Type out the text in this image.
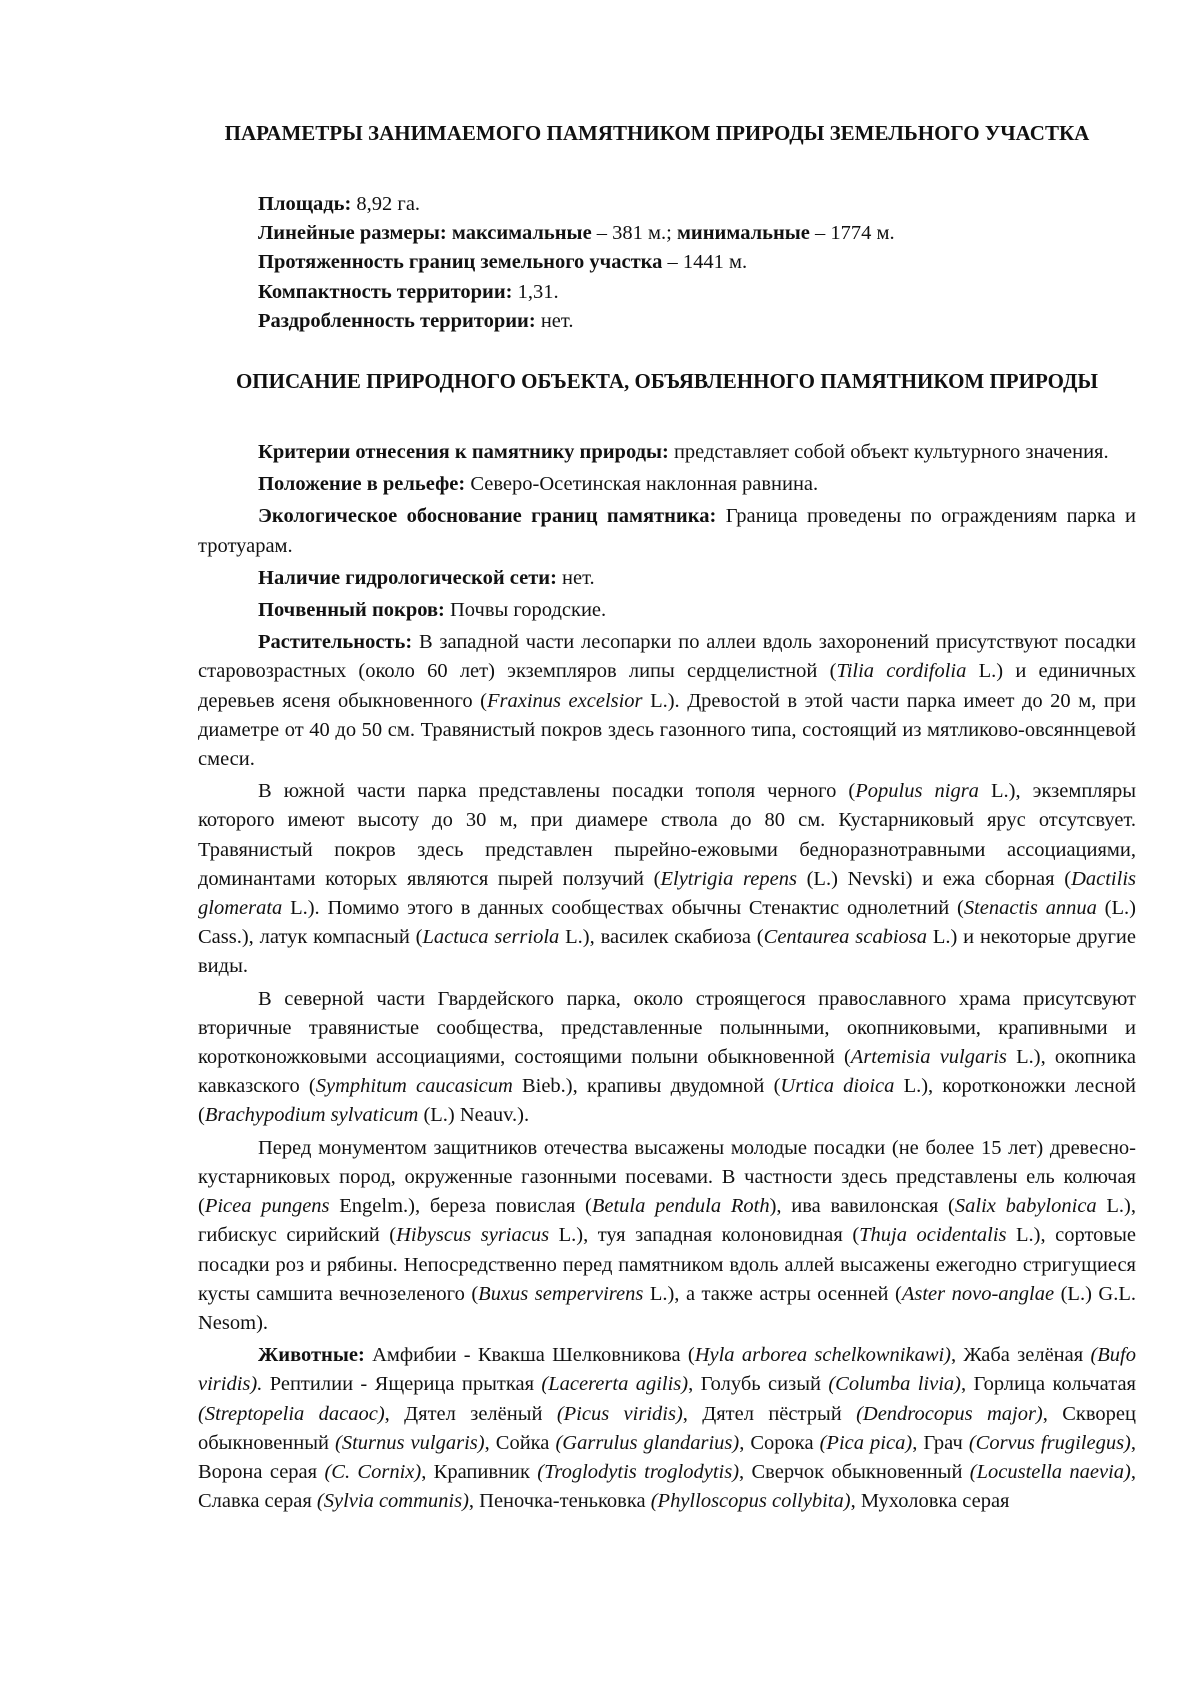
ПАРАМЕТРЫ ЗАНИМАЕМОГО ПАМЯТНИКОМ ПРИРОДЫ ЗЕМЕЛЬНОГО УЧАСТКА

Площадь: 8,92 га.

Линейные размеры: максимальные – 381 м.; минимальные – 1774 м.

Протяженность границ земельного участка – 1441 м.

Компактность территории: 1,31.

Раздробленность территории: нет.

ОПИСАНИЕ ПРИРОДНОГО ОБЪЕКТА, ОБЪЯВЛЕННОГО ПАМЯТНИКОМ ПРИРОДЫ

Критерии отнесения к памятнику природы: представляет собой объект культурного значения.

Положение в рельефе: Северо-Осетинская наклонная равнина.

Экологическое обоснование границ памятника: Граница проведены по ограждениям парка и тротуарам.

Наличие гидрологической сети: нет.

Почвенный покров: Почвы городские.

Растительность: В западной части лесопарки по аллеи вдоль захоронений присутствуют посадки старовозрастных (около 60 лет) экземпляров липы сердцелистной (Tilia cordifolia L.) и единичных деревьев ясеня обыкновенного (Fraxinus excelsior L.). Древостой в этой части парка имеет до 20 м, при диаметре от 40 до 50 см. Травянистый покров здесь газонного типа, состоящий из мятликово-овсяннцевой смеси.

В южной части парка представлены посадки тополя черного (Populus nigra L.), экземпляры которого имеют высоту до 30 м, при диамере ствола до 80 см. Кустарниковый ярус отсутсвует. Травянистый покров здесь представлен пырейно-ежовыми бедноразнотравными ассоциациями, доминантами которых являются пырей ползучий (Elytrigia repens (L.) Nevski) и ежа сборная (Dactilis glomerata L.). Помимо этого в данных сообществах обычны Стенактис однолетний (Stenactis annua (L.) Cass.), латук компасный (Lactuca serriola L.), василек скабиоза (Centaurea scabiosa L.) и некоторые другие виды.

В северной части Гвардейского парка, около строящегося православного храма присутсвуют вторичные травянистые сообщества, представленные полынными, окопниковыми, крапивными и коротконожковыми ассоциациями, состоящими полыни обыкновенной (Artemisia vulgaris L.), окопника кавказского (Symphitum caucasicum Bieb.), крапивы двудомной (Urtica dioica L.), коротконожки лесной (Brachypodium sylvaticum (L.) Neauv.).

Перед монументом защитников отечества высажены молодые посадки (не более 15 лет) древесно-кустарниковых пород, окруженные газонными посевами. В частности здесь представлены ель колючая (Picea pungens Engelm.), береза повислая (Betula pendula Roth), ива вавилонская (Salix babylonica L.), гибискус сирийский (Hibyscus syriacus L.), туя западная колоновидная (Thuja ocidentalis L.), сортовые посадки роз и рябины. Непосредственно перед памятником вдоль аллей высажены ежегодно стригущиеся кусты самшита вечнозеленого (Buxus sempervirens L.), а также астры осенней (Aster novo-anglae (L.) G.L. Nesom).

Животные: Амфибии - Квакша Шелковникова (Hyla arborea schelkownikawi), Жаба зелёная (Bufo viridis). Рептилии - Ящерица прыткая (Lacererta agilis), Голубь сизый (Columba livia), Горлица кольчатая (Streptopelia dacaoc), Дятел зелёный (Picus viridis), Дятел пёстрый (Dendrocopus major), Скворец обыкновенный (Sturnus vulgaris), Сойка (Garrulus glandarius), Сорока (Pica pica), Грач (Corvus frugilegus), Ворона серая (C. Cornix), Крапивник (Troglodytis troglodytis), Сверчок обыкновенный (Locustella naevia), Славка серая (Sylvia communis), Пеночка-теньковка (Phylloscopus collybita), Мухоловка серая
